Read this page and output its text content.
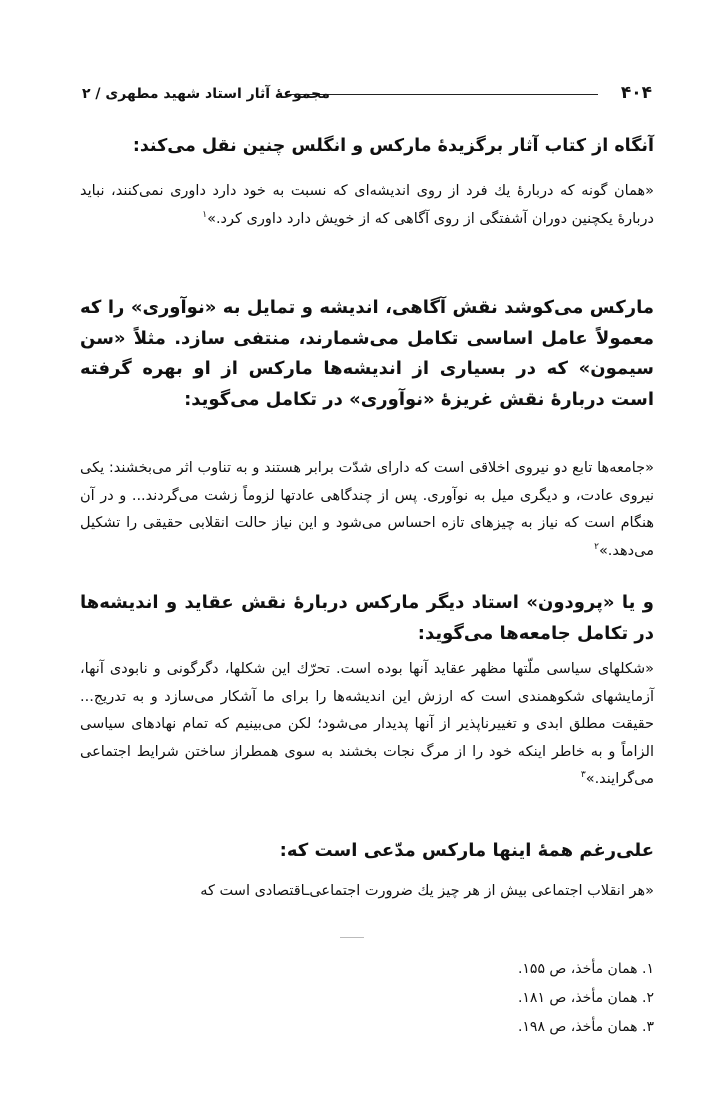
۴۰۴
مجموعهٔ آثار استاد شهید مطهری / ۲

آنگاه از کتاب آثار برگزیدهٔ مارکس و انگلس چنین نقل می‌کند:

«همان گونه که دربارهٔ یك فرد از روی اندیشه‌ای که نسبت به خود دارد داوری نمی‌کنند، نباید دربارهٔ یکچنین دوران آشفتگی از روی آگاهی که از خویش دارد داوری کرد.»$^۱$

مارکس می‌کوشد نقش آگاهی، اندیشه و تمایل به «نوآوری» را که معمولاً عامل اساسی تکامل می‌شمارند، منتفی سازد. مثلاً «سن سیمون» که در بسیاری از اندیشه‌ها مارکس از او بهره گرفته است دربارهٔ نقش غریزهٔ «نوآوری» در تکامل می‌گوید:

«جامعه‌ها تابع دو نیروی اخلاقی است که دارای شدّت برابر هستند و به تناوب اثر می‌بخشند: یکی نیروی عادت، و دیگری میل به نوآوری. پس از چندگاهی عادتها لزوماً زشت می‌گردند... و در آن هنگام است که نیاز به چیزهای تازه احساس می‌شود و این نیاز حالت انقلابی حقیقی را تشکیل می‌دهد.»$^۲$

و یا «پرودون» استاد دیگر مارکس دربارهٔ نقش عقاید و اندیشه‌ها در تکامل جامعه‌ها می‌گوید:

«شکلهای سیاسی ملّتها مظهر عقاید آنها بوده است. تحرّك این شکلها، دگرگونی و نابودی آنها، آزمایشهای شکوهمندی است که ارزش این اندیشه‌ها را برای ما آشکار می‌سازد و به تدریج... حقیقت مطلق ابدی و تغییرناپذیر از آنها پدیدار می‌شود؛ لکن می‌بینیم که تمام نهادهای سیاسی الزاماً و به خاطر اینکه خود را از مرگ نجات بخشند به سوی همطراز ساختن شرایط اجتماعی می‌گرایند.»$^۳$

علی‌رغم همهٔ اینها مارکس مدّعی است که:

«هر انقلاب اجتماعی بیش از هر چیز یك ضرورت اجتماعی‌ـاقتصادی است که

۱. همان مأخذ، ص ۱۵۵.

۲. همان مأخذ، ص ۱۸۱.

۳. همان مأخذ، ص ۱۹۸.
